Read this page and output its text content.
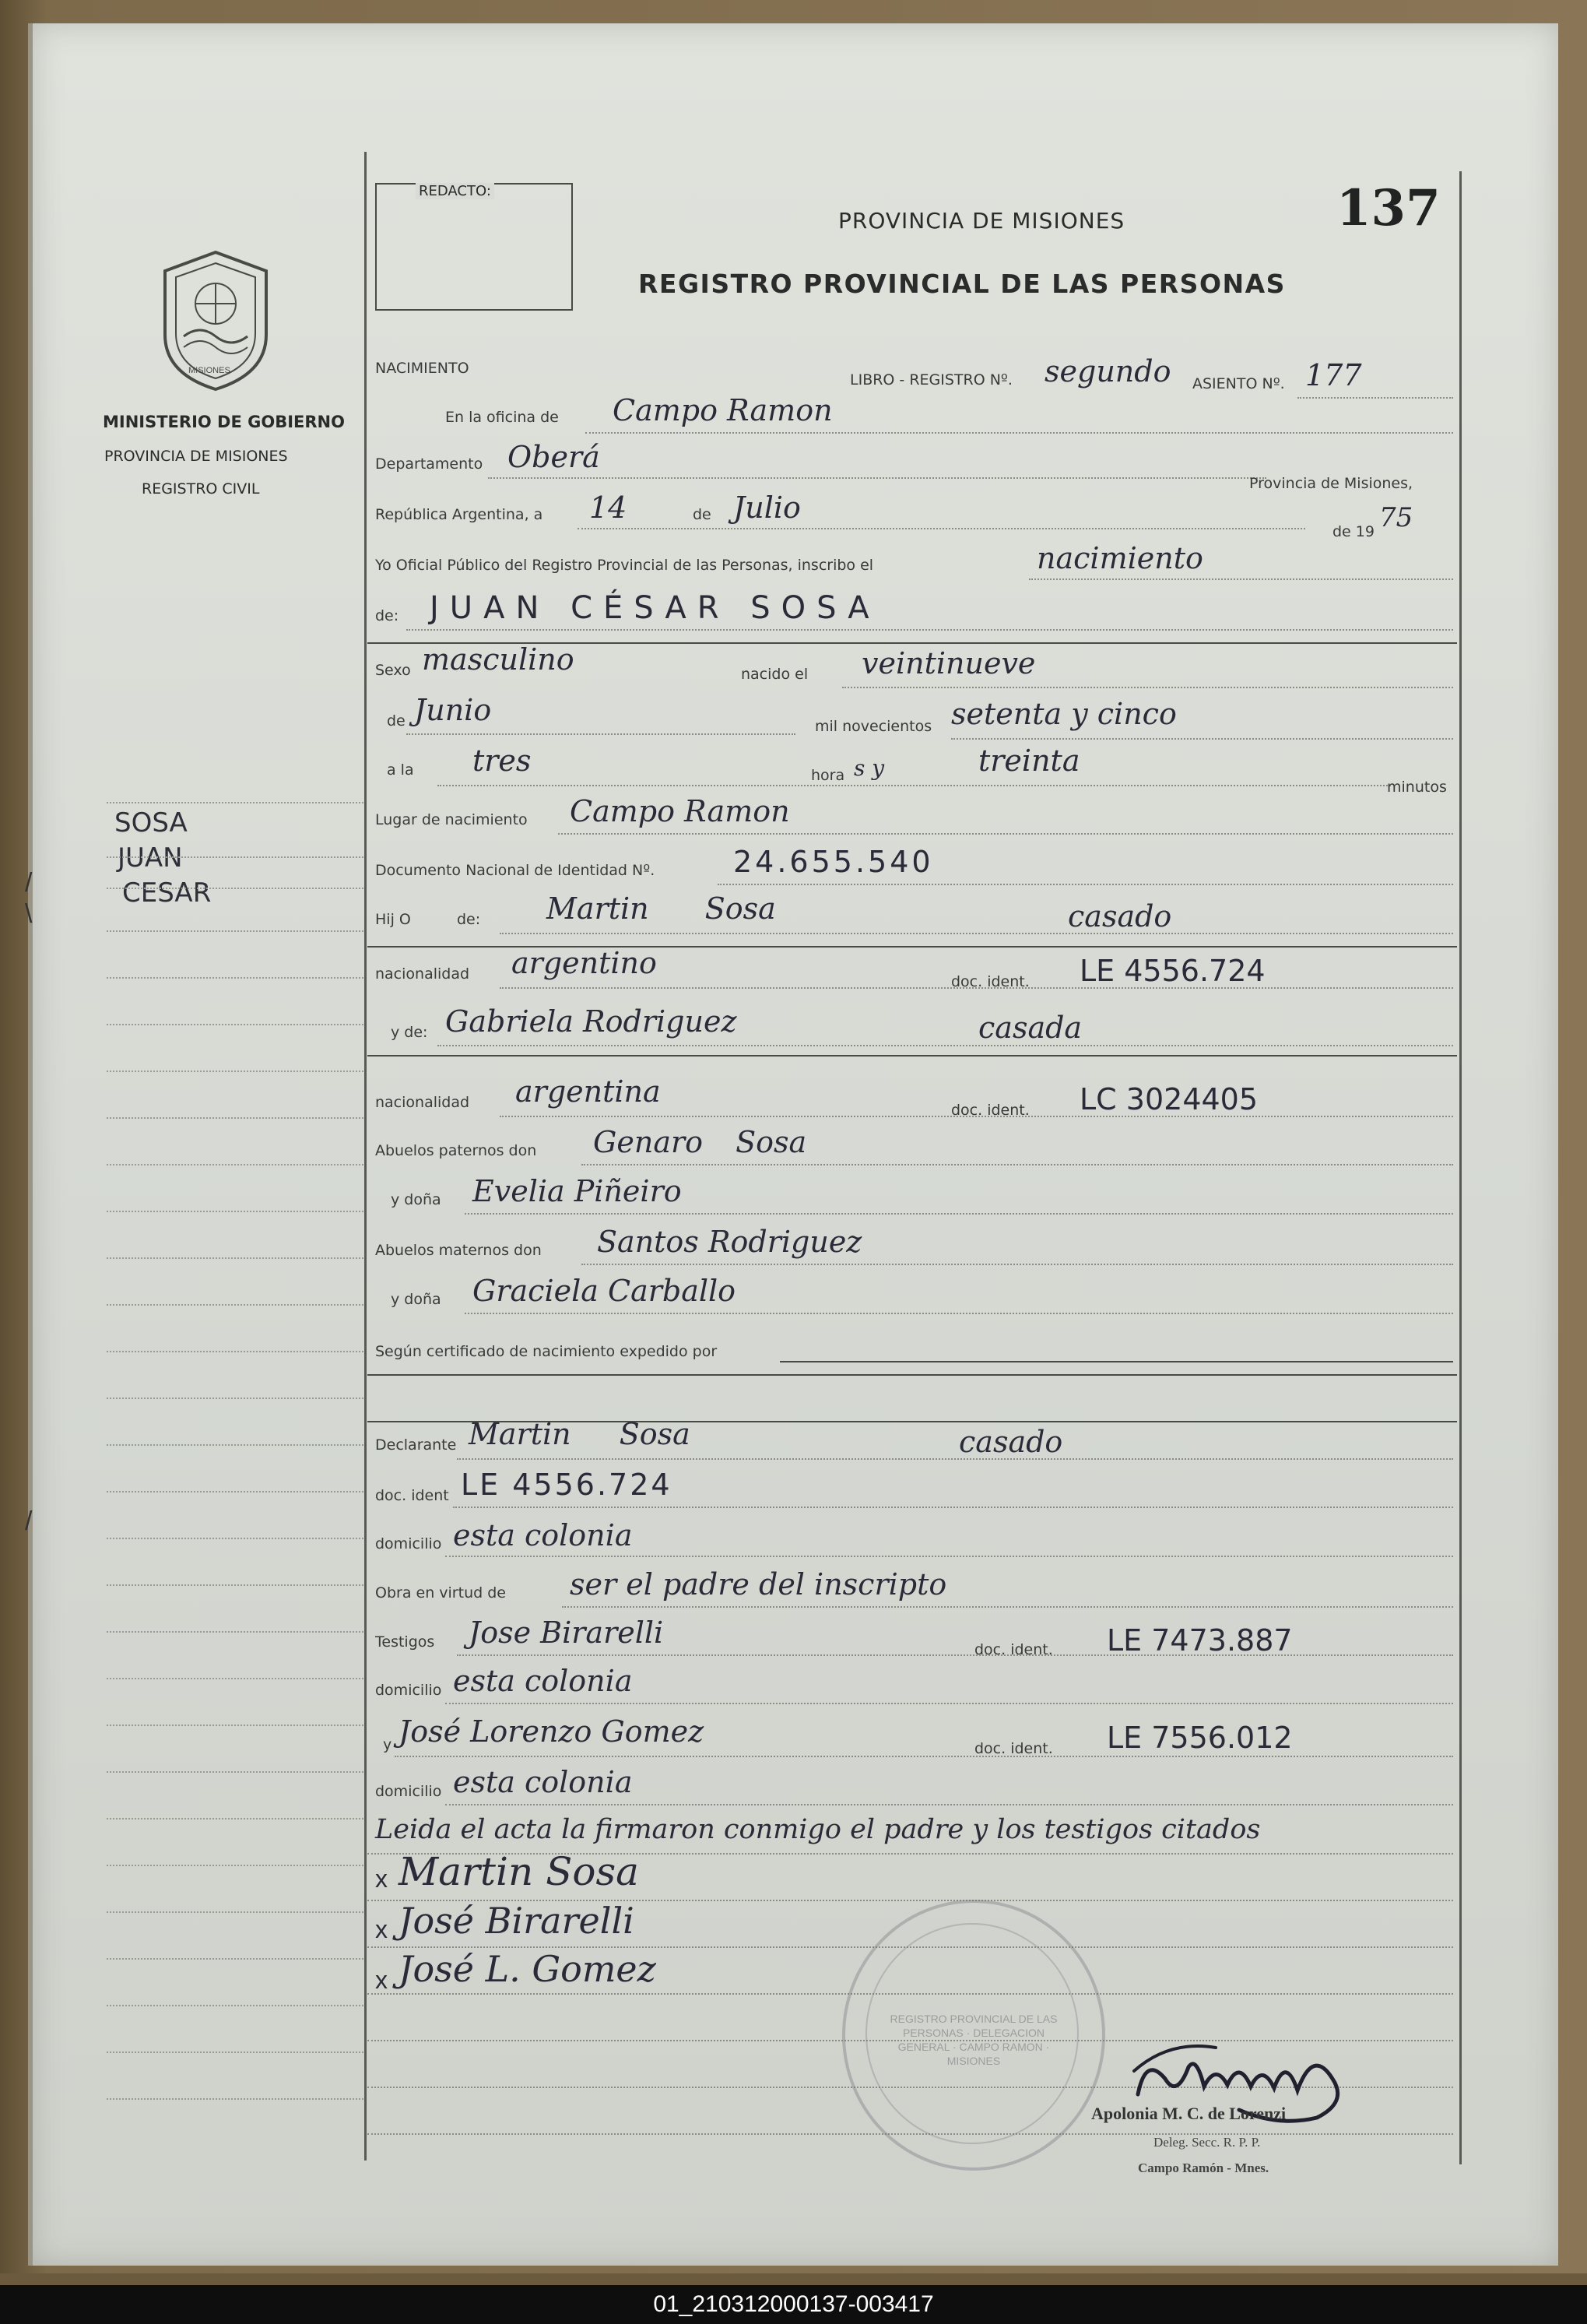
REDACTO:
PROVINCIA DE MISIONES	137
REGISTRO PROVINCIAL DE LAS PERSONAS
MISIONES
MINISTERIO DE GOBIERNO
PROVINCIA DE MISIONES
REGISTRO CIVIL
SOSA
JUAN
CESAR
/
\
/
NACIMIENTO
LIBRO - REGISTRO Nº. segundo ASIENTO Nº. 177
En la oficina de Campo Ramon
Departamento Oberá
Provincia de Misiones,
República Argentina, a 14	de Julio
de 19 75
Yo Oficial Público del Registro Provincial de las Personas, inscribo el	nacimiento
de: JUAN CÉSAR SOSA
Sexo masculino	nacido el veintinueve
de Junio	mil novecientos setenta y cinco
a la tres	hora s y	treinta
minutos
Lugar de nacimiento Campo Ramon
Documento Nacional de Identidad Nº.	24.655.540
Hij O	de: Martin Sosa	casado
nacionalidad argentino
doc. ident. LE 4556.724
y de: Gabriela Rodriguez	casada
nacionalidad argentina
doc. ident. LC 3024405
Abuelos paternos don Genaro Sosa
y doña Evelia Piñeiro
Abuelos maternos don Santos Rodriguez
y doña Graciela Carballo
Según certificado de nacimiento expedido por
Declarante Martin Sosa	casado
doc. ident LE 4556.724
domicilio esta colonia
Obra en virtud de ser el padre del inscripto
Testigos Jose Birarelli	doc. ident. LE 7473.887
domicilio esta colonia
y José Lorenzo Gomez	doc. ident. LE 7556.012
domicilio esta colonia
Leida el acta la firmaron conmigo el padre y los testigos citados
x Martin Sosa
x José Birarelli
x José L. Gomez
REGISTRO PROVINCIAL DE LAS PERSONAS · DELEGACION GENERAL · CAMPO RAMON · MISIONES
Apolonia M. C. de Lorenzi
Deleg. Secc. R. P. P.
Campo Ramón - Mnes.
01_210312000137-003417
